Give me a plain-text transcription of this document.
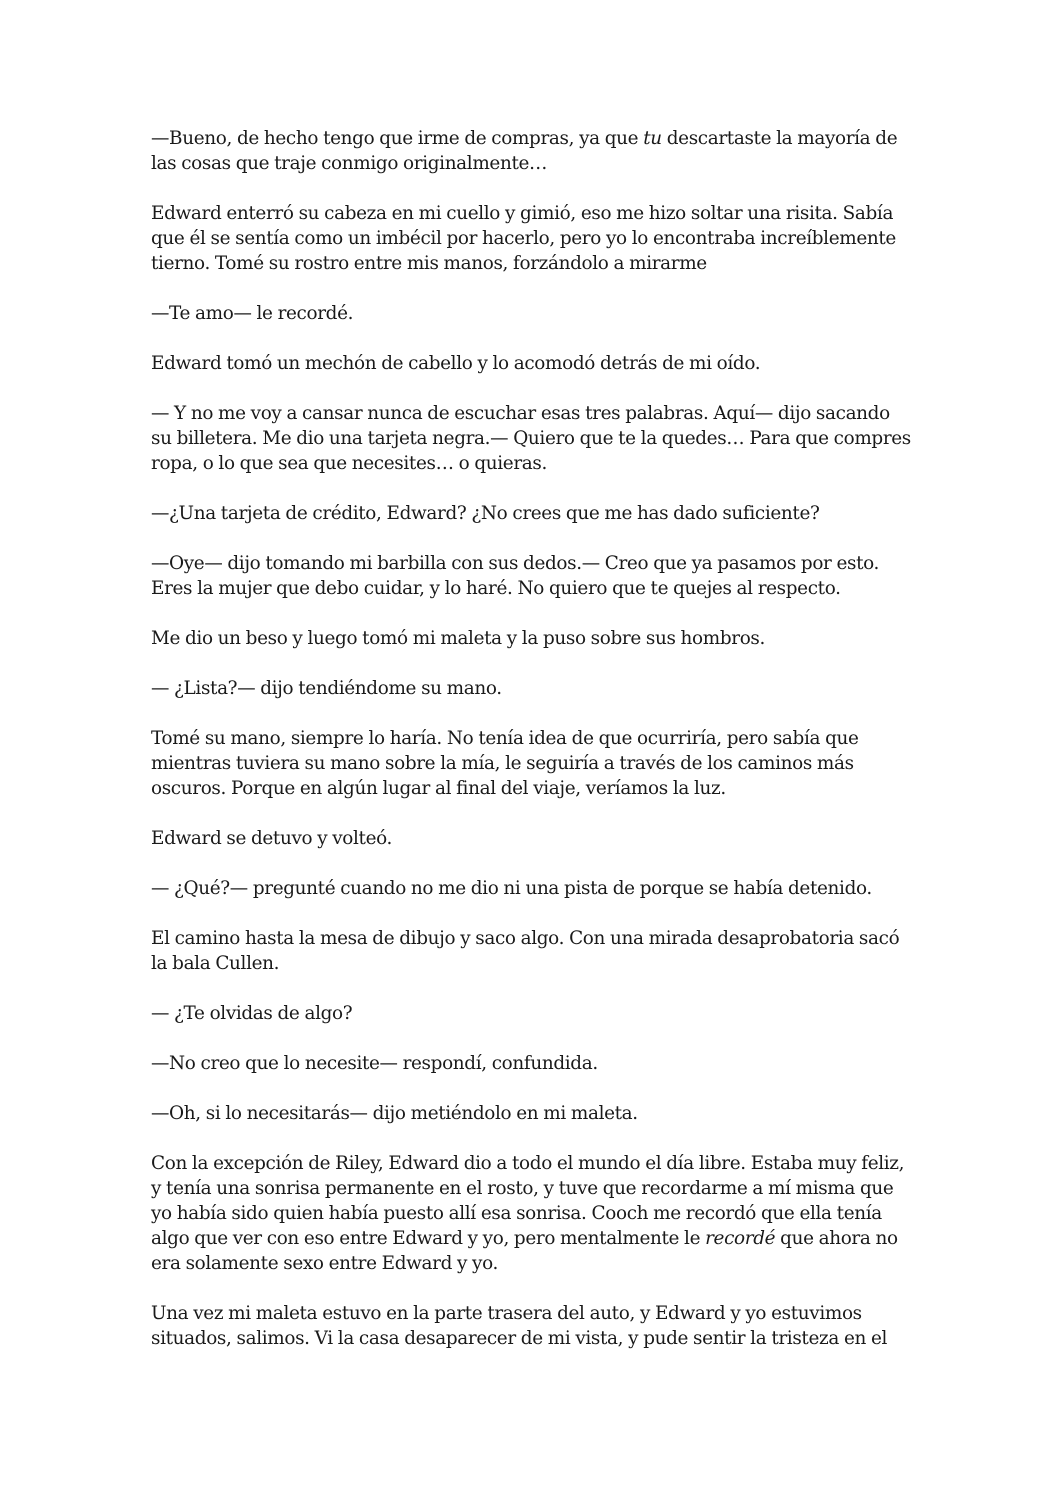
—Bueno, de hecho tengo que irme de compras, ya que tu descartaste la mayoría de las cosas que traje conmigo originalmente…

Edward enterró su cabeza en mi cuello y gimió, eso me hizo soltar una risita. Sabía que él se sentía como un imbécil por hacerlo, pero yo lo encontraba increíblemente tierno. Tomé su rostro entre mis manos, forzándolo a mirarme

—Te amo— le recordé.

Edward tomó un mechón de cabello y lo acomodó detrás de mi oído.

— Y no me voy a cansar nunca de escuchar esas tres palabras. Aquí— dijo sacando su billetera. Me dio una tarjeta negra.— Quiero que te la quedes… Para que compres ropa, o lo que sea que necesites… o quieras.

—¿Una tarjeta de crédito, Edward? ¿No crees que me has dado suficiente?

—Oye— dijo tomando mi barbilla con sus dedos.— Creo que ya pasamos por esto. Eres la mujer que debo cuidar, y lo haré. No quiero que te quejes al respecto.

Me dio un beso y luego tomó mi maleta y la puso sobre sus hombros.

— ¿Lista?— dijo tendiéndome su mano.

Tomé su mano, siempre lo haría. No tenía idea de que ocurriría, pero sabía que mientras tuviera su mano sobre la mía, le seguiría a través de los caminos más oscuros. Porque en algún lugar al final del viaje, veríamos la luz.

Edward se detuvo y volteó.

— ¿Qué?— pregunté cuando no me dio ni una pista de porque se había detenido.

El camino hasta la mesa de dibujo y saco algo. Con una mirada desaprobatoria sacó la bala Cullen.

— ¿Te olvidas de algo?

—No creo que lo necesite— respondí, confundida.

—Oh, si lo necesitarás— dijo metiéndolo en mi maleta.

Con la excepción de Riley, Edward dio a todo el mundo el día libre. Estaba muy feliz, y tenía una sonrisa permanente en el rosto, y tuve que recordarme a mí misma que yo había sido quien había puesto allí esa sonrisa. Cooch me recordó que ella tenía algo que ver con eso entre Edward y yo, pero mentalmente le recordé que ahora no era solamente sexo entre Edward y yo.

Una vez mi maleta estuvo en la parte trasera del auto, y Edward y yo estuvimos situados, salimos. Vi la casa desaparecer de mi vista, y pude sentir la tristeza en el
